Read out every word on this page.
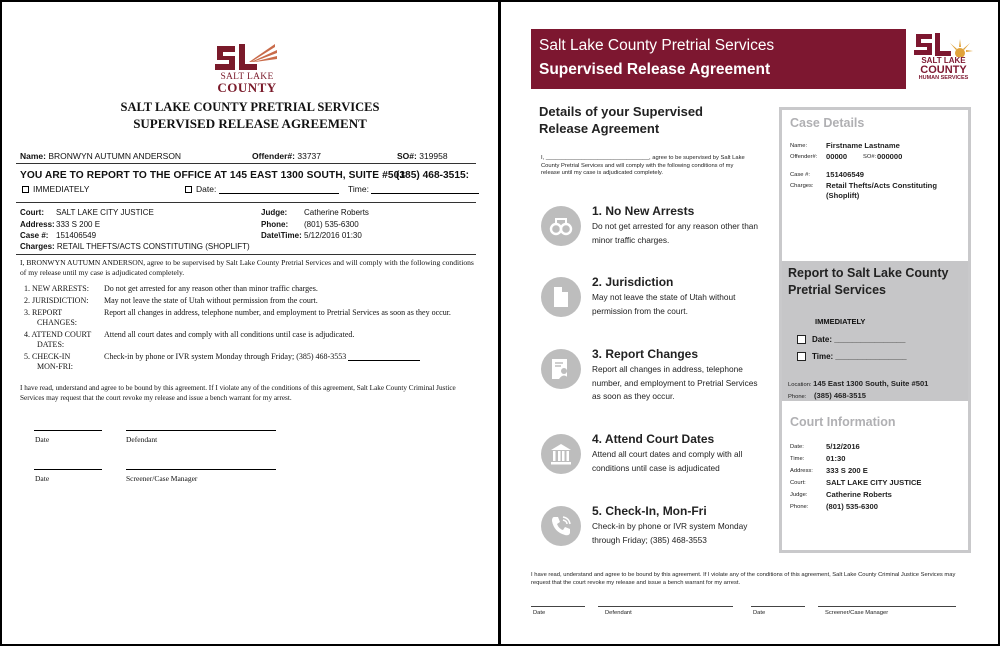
SALT LAKE
COUNTY
SALT LAKE COUNTY PRETRIAL SERVICES
SUPERVISED RELEASE AGREEMENT
Name: BRONWYN AUTUMN ANDERSON	Offender#: 33737	SO#: 319958
YOU ARE TO REPORT TO THE OFFICE AT 145 EAST 1300 SOUTH, SUITE #501
(385) 468-3515:
IMMEDIATELY	Date:	Time:
Court: SALT LAKE CITY JUSTICE
Address: 333 S 200 E
Case #: 151406549
Charges: RETAIL THEFTS/ACTS CONSTITUTING (SHOPLIFT)
Judge: Catherine Roberts
Phone: (801) 535-6300
Date\Time: 5/12/2016 01:30
I, BRONWYN AUTUMN ANDERSON, agree to be supervised by Salt Lake County Pretrial Services and will comply with the following conditions of my release until my case is adjudicated completely.
1. NEW ARRESTS:	Do not get arrested for any reason other than minor traffic charges.
2. JURISDICTION:	May not leave the state of Utah without permission from the court.
3. REPORT CHANGES:
Report all changes in address, telephone number, and employment to Pretrial Services as soon as they occur.
4. ATTEND COURT DATES:
Attend all court dates and comply with all conditions until case is adjudicated.
5. CHECK-IN MON-FRI:
Check-in by phone or IVR system Monday through Friday; (385) 468-3553
I have read, understand and agree to be bound by this agreement. If I violate any of the conditions of this agreement, Salt Lake County Criminal Justice Services may request that the court revoke my release and issue a bench warrant for my arrest.
Date	Defendant
Date	Screener/Case Manager
Salt Lake County Pretrial Services
Supervised Release Agreement
SALT LAKE
COUNTY
HUMAN SERVICES
Details of your Supervised Release Agreement
I, ________________________________, agree to be supervised by Salt Lake County Pretrial Services and will comply with the following conditions of my release until my case is adjudicated completely.
1. No New Arrests
Do not get arrested for any reason other than minor traffic charges.
2. Jurisdiction
May not leave the state of Utah without permission from the court.
3. Report Changes
Report all changes in address, telephone number, and employment to Pretrial Services as soon as they occur.
4. Attend Court Dates
Attend all court dates and comply with all conditions until case is adjudicated
5. Check-In, Mon-Fri
Check-in by phone or IVR system Monday through Friday; (385) 468-3553
Case Details
Name: Firstname Lastname
Offender#: 00000	SO#: 000000
Case #: 151406549
Charges: Retail Thefts/Acts Constituting (Shoplift)
Report to Salt Lake County Pretrial Services
IMMEDIATELY
Date: ________________
Time: ________________
Location: 145 East 1300 South, Suite #501
Phone: (385) 468-3515
Court Information
Date:	5/12/2016
Time:	01:30
Address: 333 S 200 E
Court:	SALT LAKE CITY JUSTICE
Judge: Catherine Roberts
Phone: (801) 535-6300
I have read, understand and agree to be bound by this agreement. If I violate any of the conditions of this agreement, Salt Lake County Criminal Justice Services may request that the court revoke my release and issue a bench warrant for my arrest.
Date	Defendant	Date	Screener/Case Manager
